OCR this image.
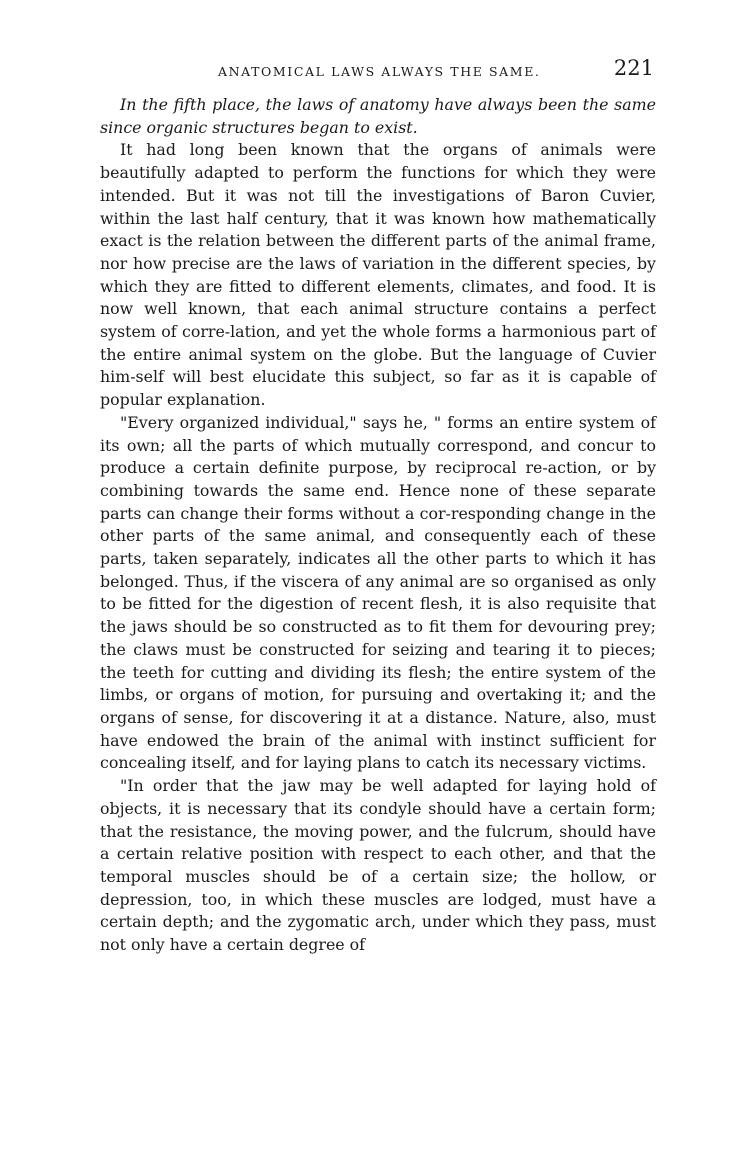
ANATOMICAL LAWS ALWAYS THE SAME.	221

In the fifth place, the laws of anatomy have always been the same since organic structures began to exist.

It had long been known that the organs of animals were beautifully adapted to perform the functions for which they were intended. But it was not till the investigations of Baron Cuvier, within the last half century, that it was known how mathematically exact is the relation between the different parts of the animal frame, nor how precise are the laws of variation in the different species, by which they are fitted to different elements, climates, and food. It is now well known, that each animal structure contains a perfect system of corre-lation, and yet the whole forms a harmonious part of the entire animal system on the globe. But the language of Cuvier him-self will best elucidate this subject, so far as it is capable of popular explanation.

"Every organized individual," says he, " forms an entire system of its own; all the parts of which mutually correspond, and concur to produce a certain definite purpose, by reciprocal re-action, or by combining towards the same end. Hence none of these separate parts can change their forms without a cor-responding change in the other parts of the same animal, and consequently each of these parts, taken separately, indicates all the other parts to which it has belonged. Thus, if the viscera of any animal are so organised as only to be fitted for the digestion of recent flesh, it is also requisite that the jaws should be so constructed as to fit them for devouring prey; the claws must be constructed for seizing and tearing it to pieces; the teeth for cutting and dividing its flesh; the entire system of the limbs, or organs of motion, for pursuing and overtaking it; and the organs of sense, for discovering it at a distance. Nature, also, must have endowed the brain of the animal with instinct sufficient for concealing itself, and for laying plans to catch its necessary victims.

"In order that the jaw may be well adapted for laying hold of objects, it is necessary that its condyle should have a certain form; that the resistance, the moving power, and the fulcrum, should have a certain relative position with respect to each other, and that the temporal muscles should be of a certain size; the hollow, or depression, too, in which these muscles are lodged, must have a certain depth; and the zygomatic arch, under which they pass, must not only have a certain degree of
